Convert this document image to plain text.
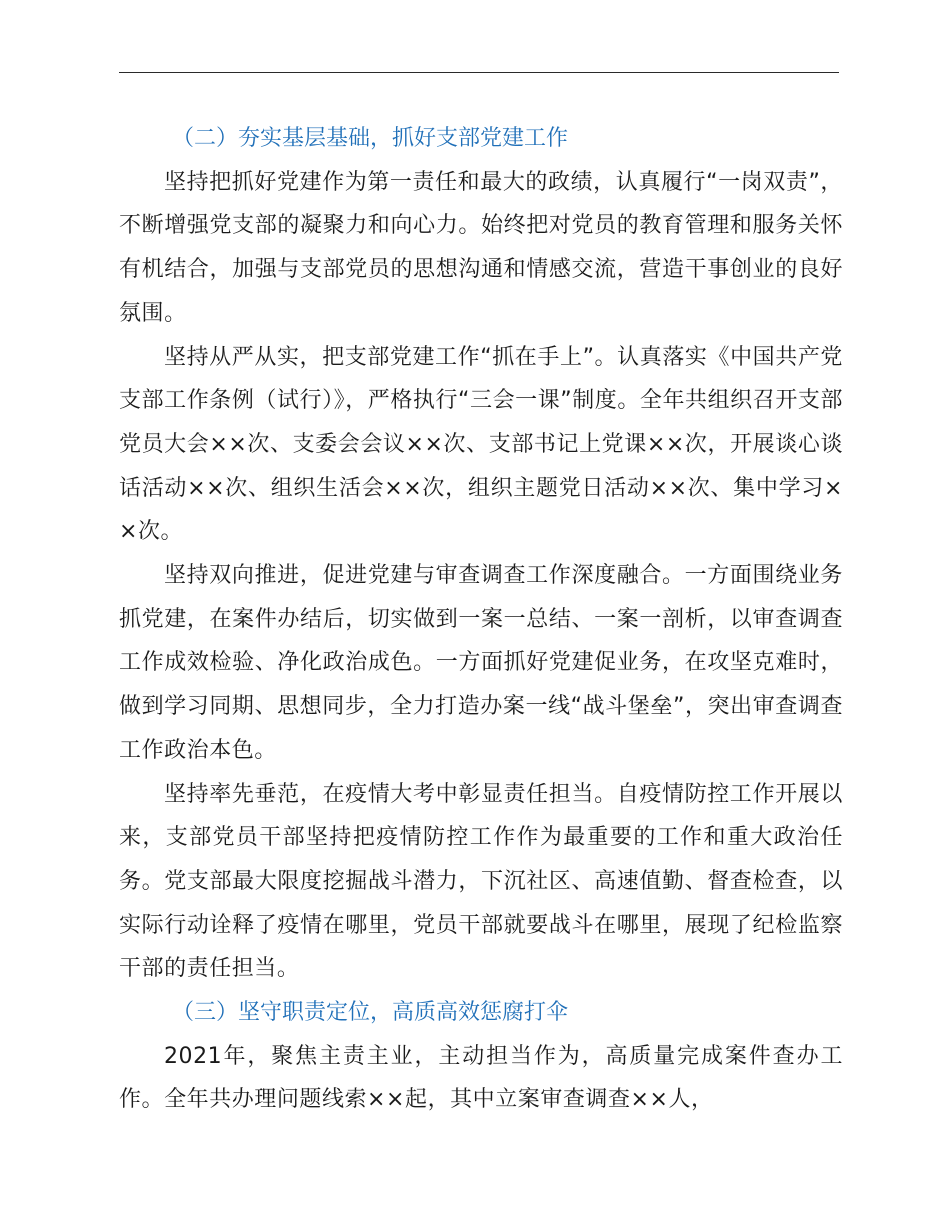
（二）夯实基层基础，抓好支部党建工作

坚持把抓好党建作为第一责任和最大的政绩，认真履行“一岗双责”，不断增强党支部的凝聚力和向心力。始终把对党员的教育管理和服务关怀有机结合，加强与支部党员的思想沟通和情感交流，营造干事创业的良好氛围。

坚持从严从实，把支部党建工作“抓在手上”。认真落实《中国共产党支部工作条例（试行）》，严格执行“三会一课”制度。全年共组织召开支部党员大会××次、支委会会议××次、支部书记上党课××次，开展谈心谈话活动××次、组织生活会××次，组织主题党日活动××次、集中学习××次。

坚持双向推进，促进党建与审查调查工作深度融合。一方面围绕业务抓党建，在案件办结后，切实做到一案一总结、一案一剖析，以审查调查工作成效检验、净化政治成色。一方面抓好党建促业务，在攻坚克难时，做到学习同期、思想同步，全力打造办案一线“战斗堡垒”，突出审查调查工作政治本色。

坚持率先垂范，在疫情大考中彰显责任担当。自疫情防控工作开展以来，支部党员干部坚持把疫情防控工作作为最重要的工作和重大政治任务。党支部最大限度挖掘战斗潜力，下沉社区、高速值勤、督查检查，以实际行动诠释了疫情在哪里，党员干部就要战斗在哪里，展现了纪检监察干部的责任担当。

（三）坚守职责定位，高质高效惩腐打伞

2021年，聚焦主责主业，主动担当作为，高质量完成案件查办工作。全年共办理问题线索××起，其中立案审查调查××人，
